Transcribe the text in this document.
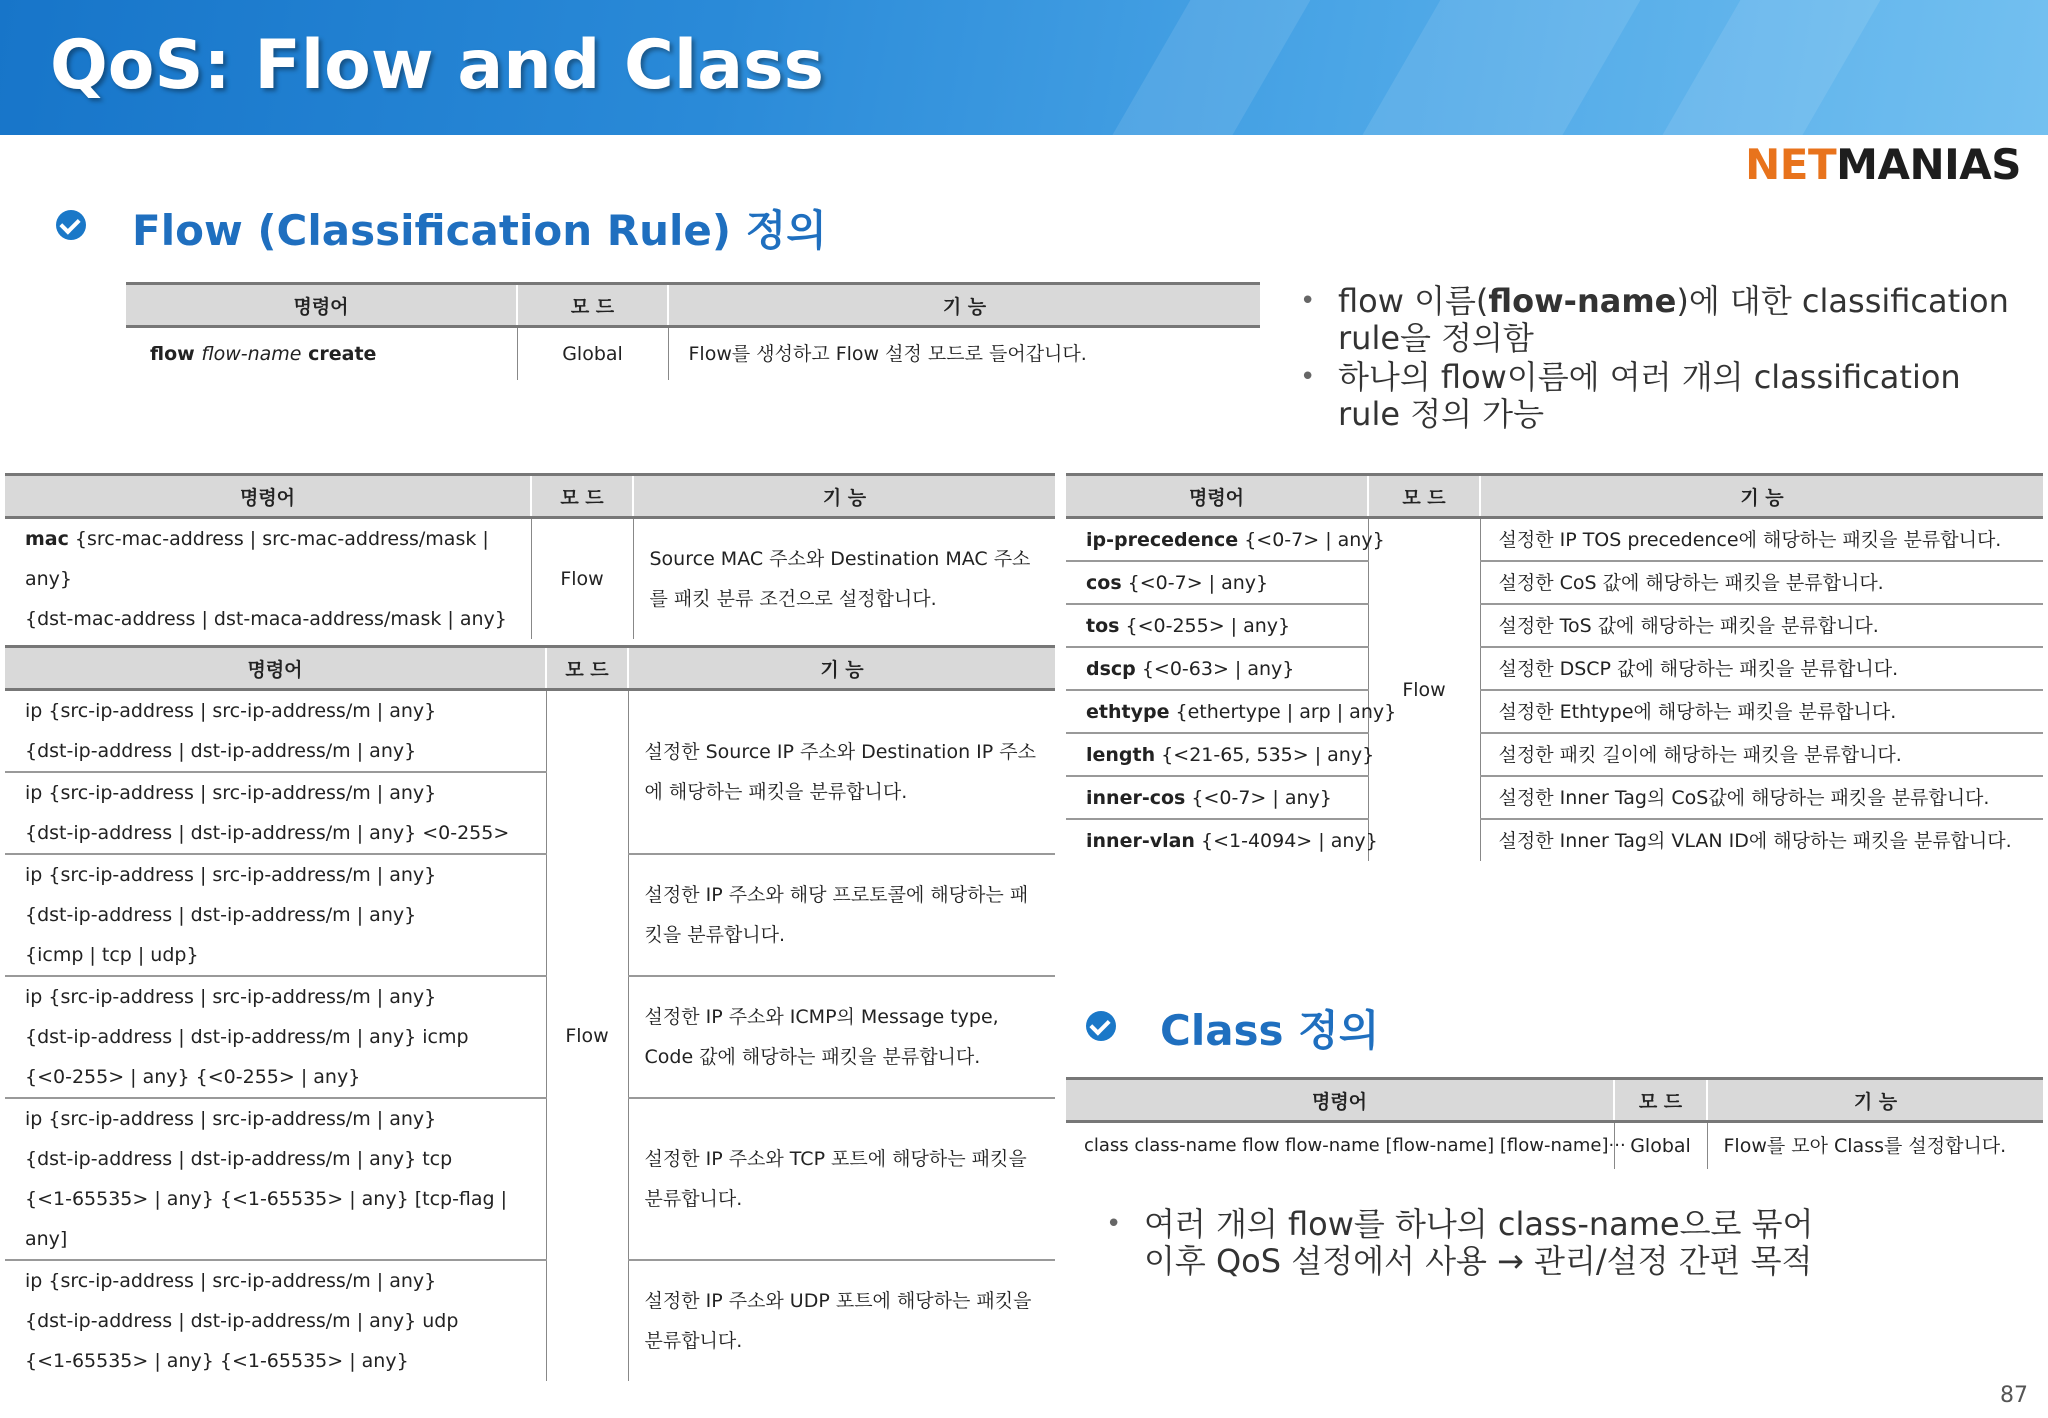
QoS: Flow and Class
NETMANIAS
Flow (Classification Rule) 정의
명령어	모 드	기 능
flow flow-name create	Global	Flow를 생성하고 Flow 설정 모드로 들어갑니다.
• flow 이름(flow-name)에 대한 classification rule을 정의함
• 하나의 flow이름에 여러 개의 classification rule 정의 가능
명령어	모 드	기 능

mac {src-mac-address | src-mac-address/mask | any}
{dst-mac-address | dst-maca-address/mask | any}	Flow	Source MAC 주소와 Destination MAC 주소를 패킷 분류 조건으로 설정합니다.
명령어	모 드	기 능

ip {src-ip-address | src-ip-address/m | any}
{dst-ip-address | dst-ip-address/m | any}	Flow	설정한 Source IP 주소와 Destination IP 주소에 해당하는 패킷을 분류합니다.

ip {src-ip-address | src-ip-address/m | any}
{dst-ip-address | dst-ip-address/m | any} <0-255>		

ip {src-ip-address | src-ip-address/m | any}
{dst-ip-address | dst-ip-address/m | any}
{icmp | tcp | udp}		설정한 IP 주소와 해당 프로토콜에 해당하는 패킷을 분류합니다.

ip {src-ip-address | src-ip-address/m | any}
{dst-ip-address | dst-ip-address/m | any} icmp
{<0-255> | any} {<0-255> | any}		설정한 IP 주소와 ICMP의 Message type, Code 값에 해당하는 패킷을 분류합니다.

ip {src-ip-address | src-ip-address/m | any}
{dst-ip-address | dst-ip-address/m | any} tcp
{<1-65535> | any} {<1-65535> | any} [tcp-flag | any]		설정한 IP 주소와 TCP 포트에 해당하는 패킷을 분류합니다.

ip {src-ip-address | src-ip-address/m | any}
{dst-ip-address | dst-ip-address/m | any} udp
{<1-65535> | any} {<1-65535> | any}		설정한 IP 주소와 UDP 포트에 해당하는 패킷을 분류합니다.
명령어	모 드	기 능
ip-precedence {<0-7> | any}	Flow	설정한 IP TOS precedence에 해당하는 패킷을 분류합니다.
cos {<0-7> | any}		설정한 CoS 값에 해당하는 패킷을 분류합니다.
tos {<0-255> | any}		설정한 ToS 값에 해당하는 패킷을 분류합니다.
dscp {<0-63> | any}		설정한 DSCP 값에 해당하는 패킷을 분류합니다.
ethtype {ethertype | arp | any}		설정한 Ethtype에 해당하는 패킷을 분류합니다.
length {<21-65, 535> | any}		설정한 패킷 길이에 해당하는 패킷을 분류합니다.
inner-cos {<0-7> | any}		설정한 Inner Tag의 CoS값에 해당하는 패킷을 분류합니다.
inner-vlan {<1-4094> | any}		설정한 Inner Tag의 VLAN ID에 해당하는 패킷을 분류합니다.
Class 정의
명령어	모 드	기 능
class class-name flow flow-name [flow-name] [flow-name]···	Global	Flow를 모아 Class를 설정합니다.
• 여러 개의 flow를 하나의 class-name으로 묶어
이후 QoS 설정에서 사용 → 관리/설정 간편 목적
87
